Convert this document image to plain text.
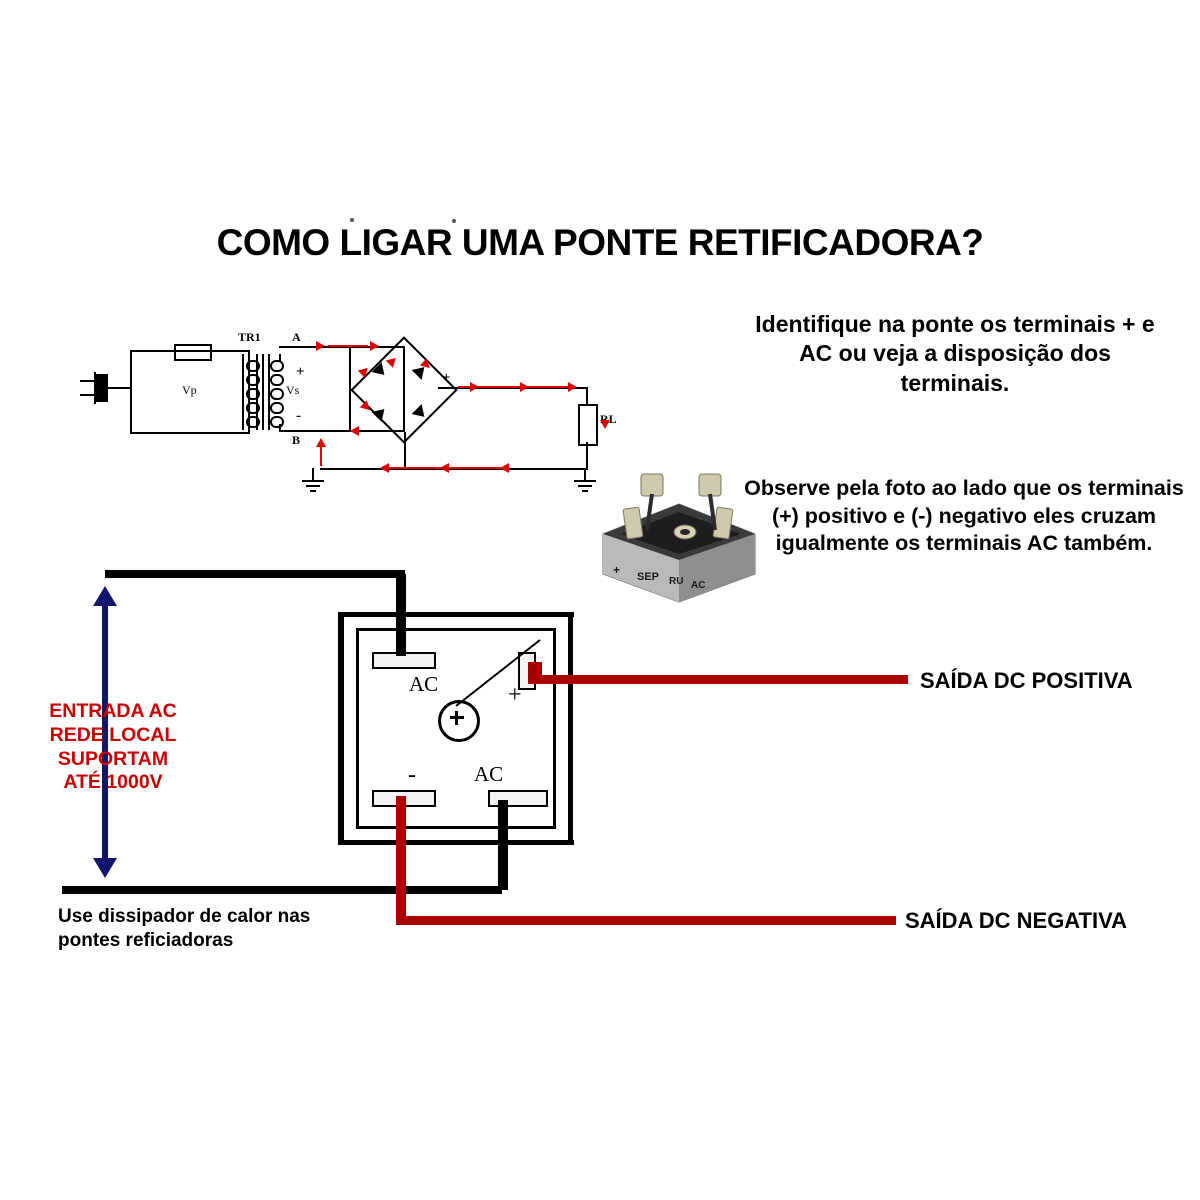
COMO LIGAR UMA PONTE RETIFICADORA?
Vp
TR1
Vs
A
B
+
-
+
RL
Identifique na ponte os terminais + e AC ou veja a disposição dos terminais.
Observe pela foto ao lado que os terminais (+) positivo e (-) negativo eles cruzam igualmente os terminais AC também.
+ SEP RU AC
ENTRADA AC
REDE LOCAL
SUPORTAM
ATÉ 1000V
Use dissipador de calor nas pontes reficiadoras
AC
AC
+
-
SAÍDA DC POSITIVA
SAÍDA DC NEGATIVA
